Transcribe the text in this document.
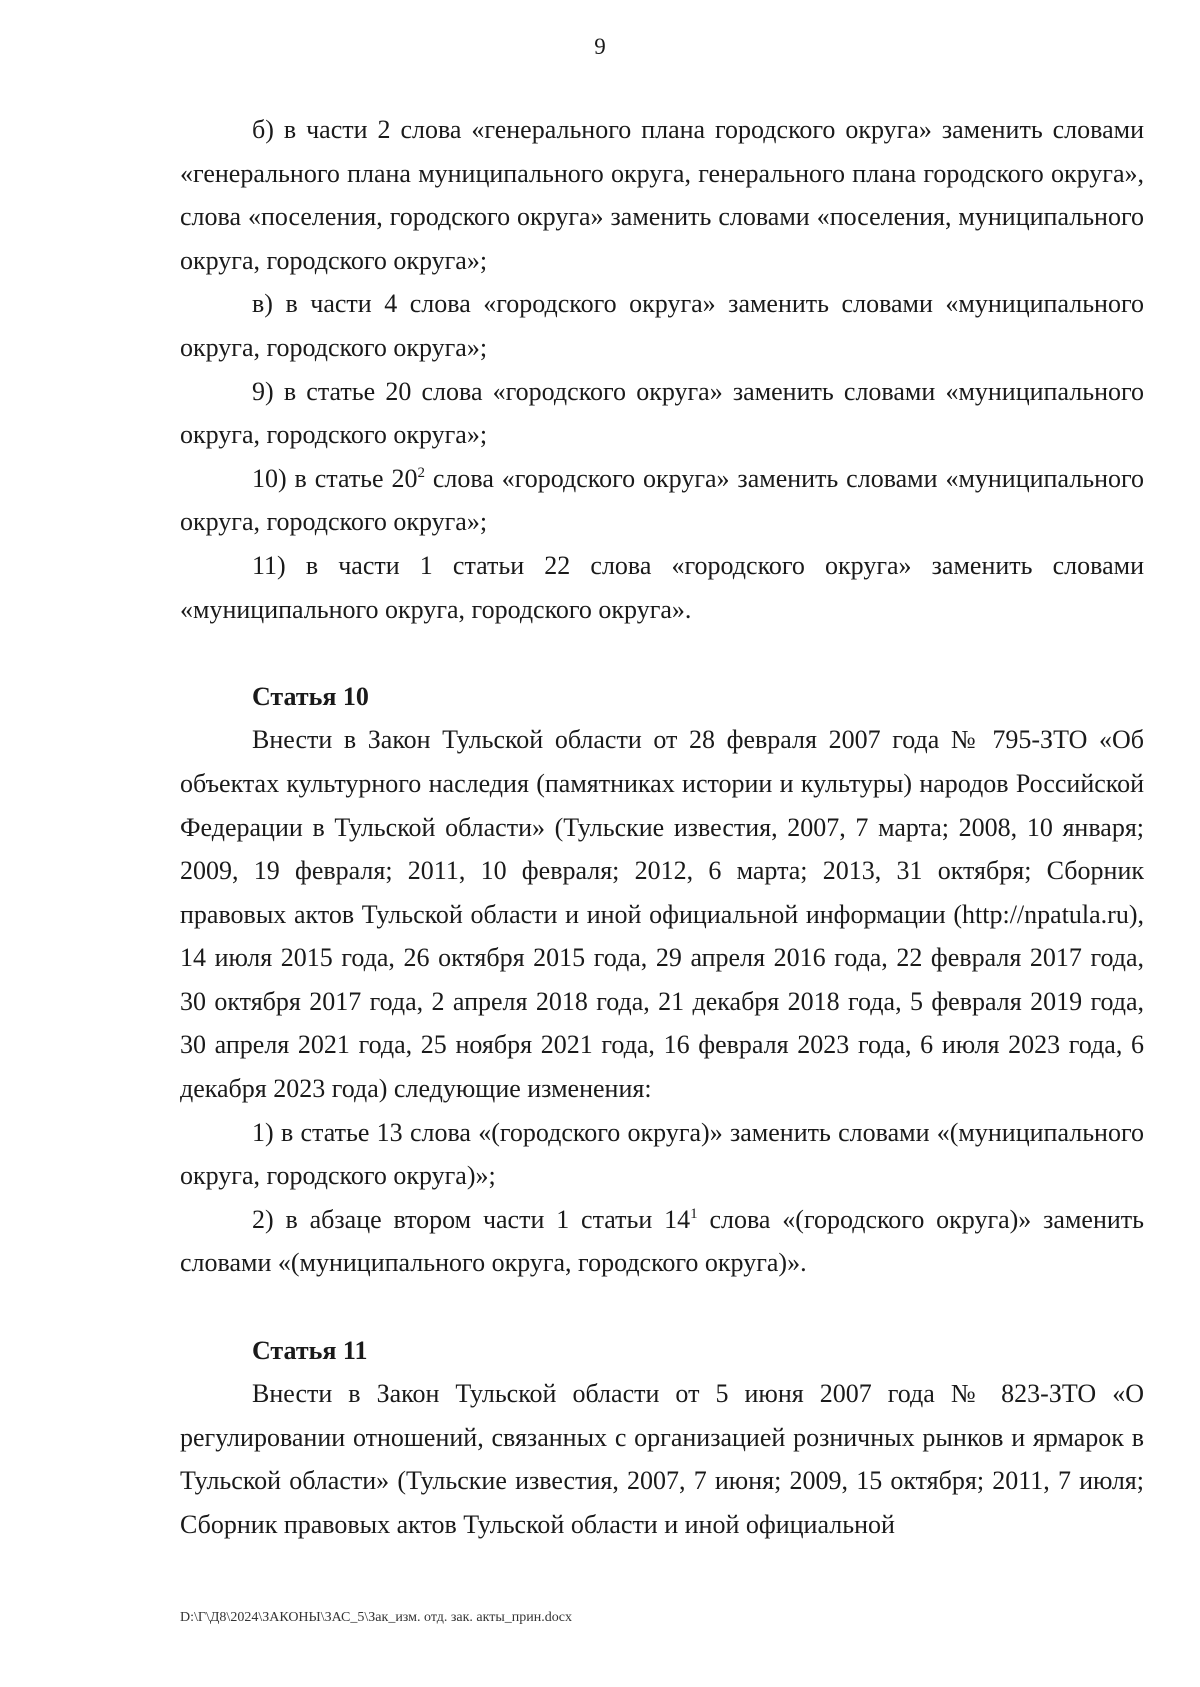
9

б) в части 2 слова «генерального плана городского округа» заменить словами «генерального плана муниципального округа, генерального плана городского округа», слова «поселения, городского округа» заменить словами «поселения, муниципального округа, городского округа»;

в) в части 4 слова «городского округа» заменить словами «муниципального округа, городского округа»;

9) в статье 20 слова «городского округа» заменить словами «муниципального округа, городского округа»;

10) в статье $20^2$ слова «городского округа» заменить словами «муниципального округа, городского округа»;

11) в части 1 статьи 22 слова «городского округа» заменить словами «муниципального округа, городского округа».

Статья 10

Внести в Закон Тульской области от 28 февраля 2007 года № 795-ЗТО «Об объектах культурного наследия (памятниках истории и культуры) народов Российской Федерации в Тульской области» (Тульские известия, 2007, 7 марта; 2008, 10 января; 2009, 19 февраля; 2011, 10 февраля; 2012, 6 марта; 2013, 31 октября; Сборник правовых актов Тульской области и иной официальной информации (http://npatula.ru), 14 июля 2015 года, 26 октября 2015 года, 29 апреля 2016 года, 22 февраля 2017 года, 30 октября 2017 года, 2 апреля 2018 года, 21 декабря 2018 года, 5 февраля 2019 года, 30 апреля 2021 года, 25 ноября 2021 года, 16 февраля 2023 года, 6 июля 2023 года, 6 декабря 2023 года) следующие изменения:

1) в статье 13 слова «(городского округа)» заменить словами «(муниципального округа, городского округа)»;

2) в абзаце втором части 1 статьи $14^1$ слова «(городского округа)» заменить словами «(муниципального округа, городского округа)».

Статья 11

Внести в Закон Тульской области от 5 июня 2007 года № 823-ЗТО «О регулировании отношений, связанных с организацией розничных рынков и ярмарок в Тульской области» (Тульские известия, 2007, 7 июня; 2009, 15 октября; 2011, 7 июля; Сборник правовых актов Тульской области и иной официальной

D:\Г\Д8\2024\ЗАКОНЫ\ЗАС_5\Зак_изм. отд. зак. акты_прин.docx
